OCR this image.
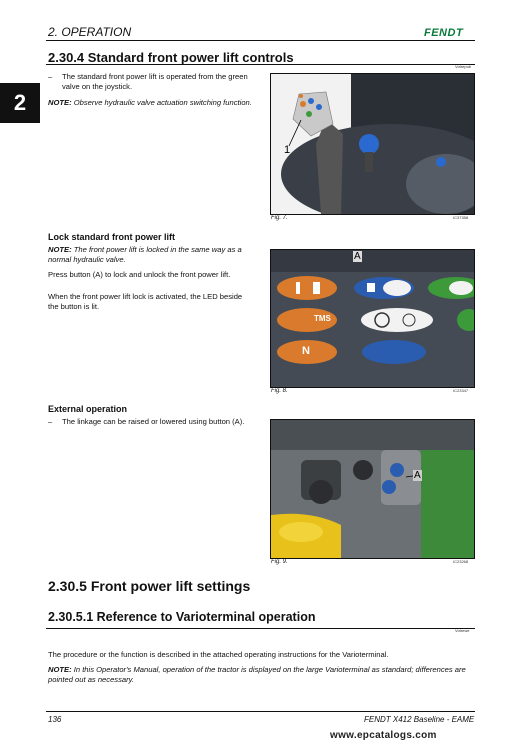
2. OPERATION	FENDT
2
2.30.4 Standard front power lift controls
Votrepub
– The standard front power lift is operated from the green valve on the joystick.
NOTE: Observe hydraulic valve actuation switching function.
1
Fig. 7.	IC37358
Lock standard front power lift
NOTE: The front power lift is locked in the same way as a normal hydraulic valve.
Press button (A) to lock and unlock the front power lift.
When the front power lift lock is activated, the LED beside the button is lit.
A
TMS
N
Fig. 8.	IC23347
External operation
– The linkage can be raised or lowered using button (A).
A
Fig. 9.	IC23268
2.30.5 Front power lift settings
2.30.5.1 Reference to Varioterminal operation
Votrewe
The procedure or the function is described in the attached operating instructions for the Varioterminal.
NOTE: In this Operator's Manual, operation of the tractor is displayed on the large Varioterminal as standard; differences are pointed out as necessary.
136	FENDT X412 Baseline - EAME
www.epcatalogs.com
